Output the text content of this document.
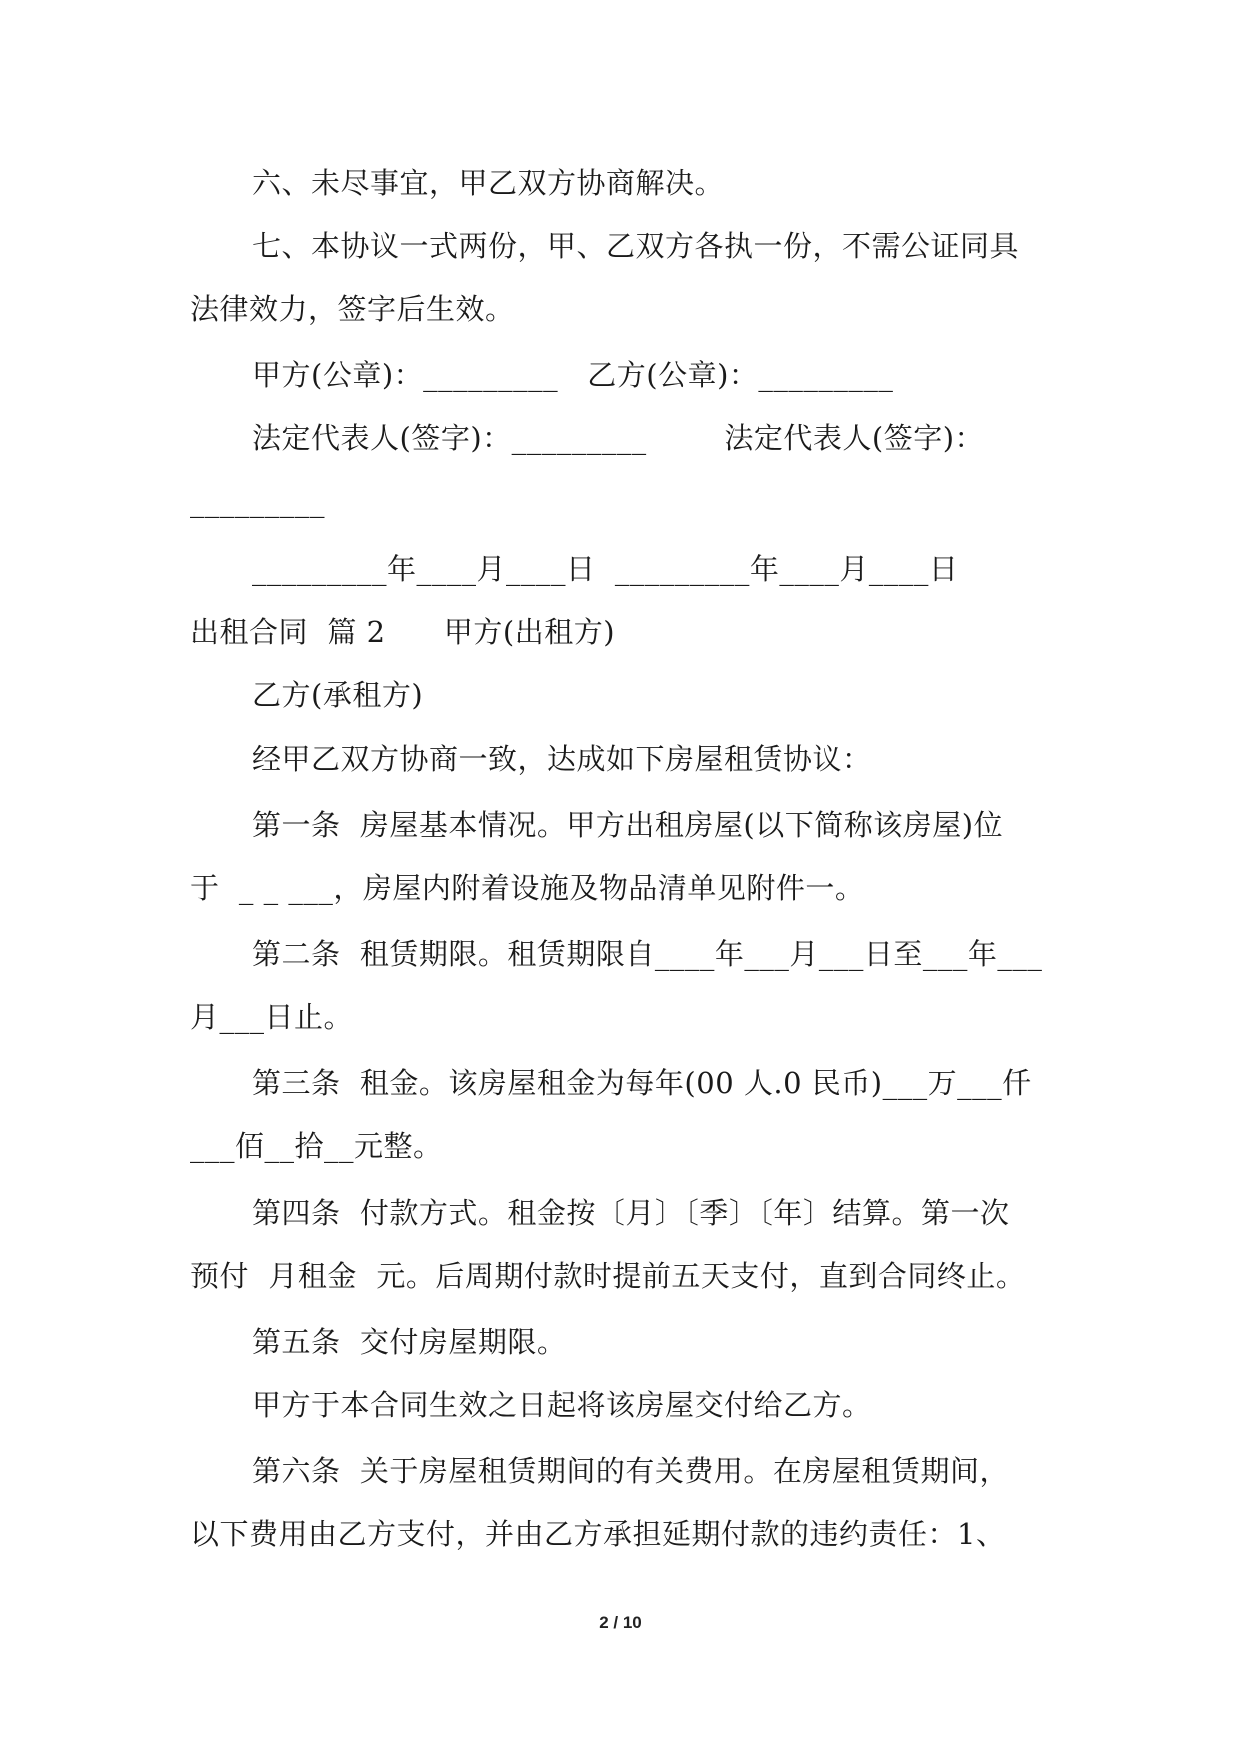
六、未尽事宜，甲乙双方协商解决。
七、本协议一式两份，甲、乙双方各执一份，不需公证同具
法律效力，签字后生效。
甲方(公章)：_________   乙方(公章)：_________
法定代表人(签字)：_________        法定代表人(签字)：
_________
_________年____月____日  _________年____月____日
出租合同  篇 2      甲方(出租方)
乙方(承租方)
经甲乙双方协商一致，达成如下房屋租赁协议：
第一条  房屋基本情况。甲方出租房屋(以下简称该房屋)位
于  _ _ ___，房屋内附着设施及物品清单见附件一。
第二条  租赁期限。租赁期限自____年___月___日至___年___
月___日止。
第三条  租金。该房屋租金为每年(00 人.0 民币)___万___仟
___佰__拾__元整。
第四条  付款方式。租金按〔月〕〔季〕〔年〕结算。第一次
预付  月租金  元。后周期付款时提前五天支付，直到合同终止。
第五条  交付房屋期限。
甲方于本合同生效之日起将该房屋交付给乙方。
第六条  关于房屋租赁期间的有关费用。在房屋租赁期间，
以下费用由乙方支付，并由乙方承担延期付款的违约责任：1、
2 / 10
